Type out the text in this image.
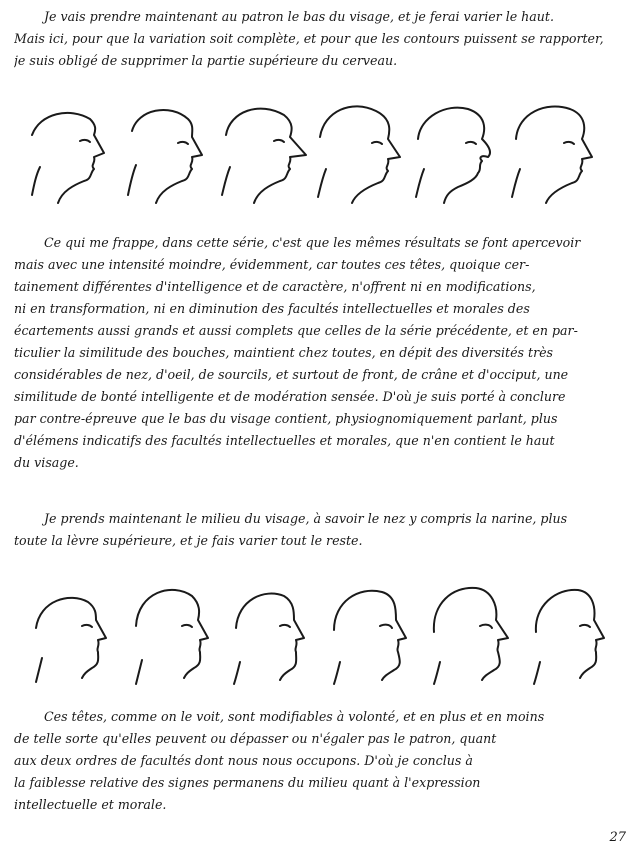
Je vais prendre maintenant au patron le bas du visage, et je ferai varier le haut.
Mais ici, pour que la variation soit complète, et pour que les contours puissent se rapporter,
je suis obligé de supprimer la partie supérieure du cerveau.
Ce qui me frappe, dans cette série, c'est que les mêmes résultats se font apercevoir
mais avec une intensité moindre, évidemment, car toutes ces têtes, quoique cer-
tainement différentes d'intelligence et de caractère, n'offrent ni en modifications,
ni en transformation, ni en diminution des facultés intellectuelles et morales des
écartements aussi grands et aussi complets que celles de la série précédente, et en par-
ticulier la similitude des bouches, maintient chez toutes, en dépit des diversités très
considérables de nez, d'oeil, de sourcils, et surtout de front, de crâne et d'occiput, une
similitude de bonté intelligente et de modération sensée. D'où je suis porté à conclure
par contre-épreuve que le bas du visage contient, physiognomiquement parlant, plus
d'élémens indicatifs des facultés intellectuelles et morales, que n'en contient le haut
du visage.
Je prends maintenant le milieu du visage, à savoir le nez y compris la narine, plus
toute la lèvre supérieure, et je fais varier tout le reste.
Ces têtes, comme on le voit, sont modifiables à volonté, et en plus et en moins
de telle sorte qu'elles peuvent ou dépasser ou n'égaler pas le patron, quant
aux deux ordres de facultés dont nous nous occupons. D'où je conclus à
la faiblesse relative des signes permanens du milieu quant à l'expression
intellectuelle et morale.
27
